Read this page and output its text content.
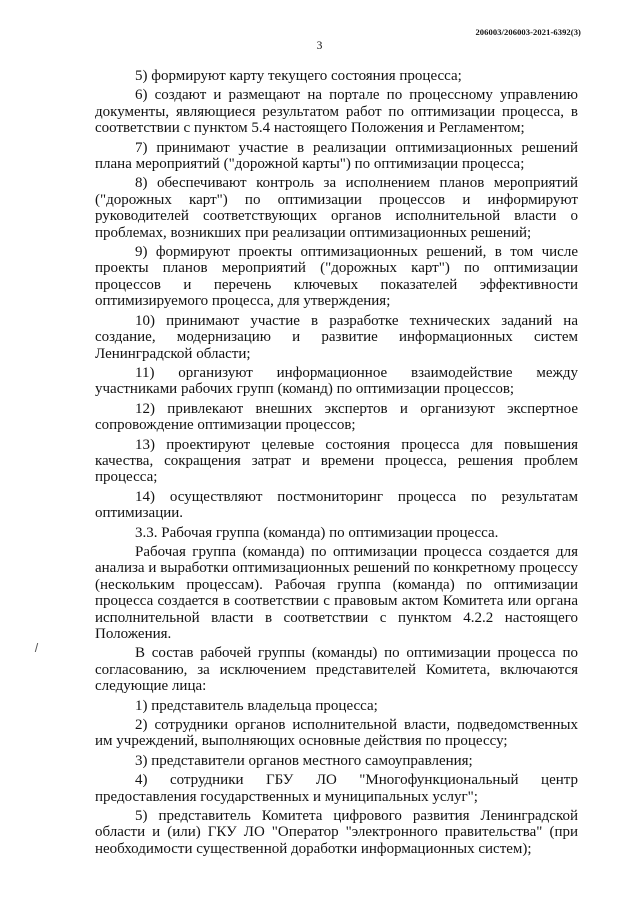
206003/206003-2021-6392(3)
3

5) формируют карту текущего состояния процесса;

6) создают и размещают на портале по процессному управлению документы, являющиеся результатом работ по оптимизации процесса, в соответствии с пунктом 5.4 настоящего Положения и Регламентом;

7) принимают участие в реализации оптимизационных решений плана мероприятий ("дорожной карты") по оптимизации процесса;

8) обеспечивают контроль за исполнением планов мероприятий ("дорожных карт") по оптимизации процессов и информируют руководителей соответствующих органов исполнительной власти о проблемах, возникших при реализации оптимизационных решений;

9) формируют проекты оптимизационных решений, в том числе проекты планов мероприятий ("дорожных карт") по оптимизации процессов и перечень ключевых показателей эффективности оптимизируемого процесса, для утверждения;

10) принимают участие в разработке технических заданий на создание, модернизацию и развитие информационных систем Ленинградской области;

11) организуют информационное взаимодействие между участниками рабочих групп (команд) по оптимизации процессов;

12) привлекают внешних экспертов и организуют экспертное сопровождение оптимизации процессов;

13) проектируют целевые состояния процесса для повышения качества, сокращения затрат и времени процесса, решения проблем процесса;

14) осуществляют постмониторинг процесса по результатам оптимизации.

3.3. Рабочая группа (команда) по оптимизации процесса.

Рабочая группа (команда) по оптимизации процесса создается для анализа и выработки оптимизационных решений по конкретному процессу (нескольким процессам). Рабочая группа (команда) по оптимизации процесса создается в соответствии с правовым актом Комитета или органа исполнительной власти в соответствии с пунктом 4.2.2 настоящего Положения.

В состав рабочей группы (команды) по оптимизации процесса по согласованию, за исключением представителей Комитета, включаются следующие лица:

1) представитель владельца процесса;

2) сотрудники органов исполнительной власти, подведомственных им учреждений, выполняющих основные действия по процессу;

3) представители органов местного самоуправления;

4) сотрудники ГБУ ЛО "Многофункциональный центр предоставления государственных и муниципальных услуг";

5) представитель Комитета цифрового развития Ленинградской области и (или) ГКУ ЛО "Оператор "электронного правительства" (при необходимости существенной доработки информационных систем);
